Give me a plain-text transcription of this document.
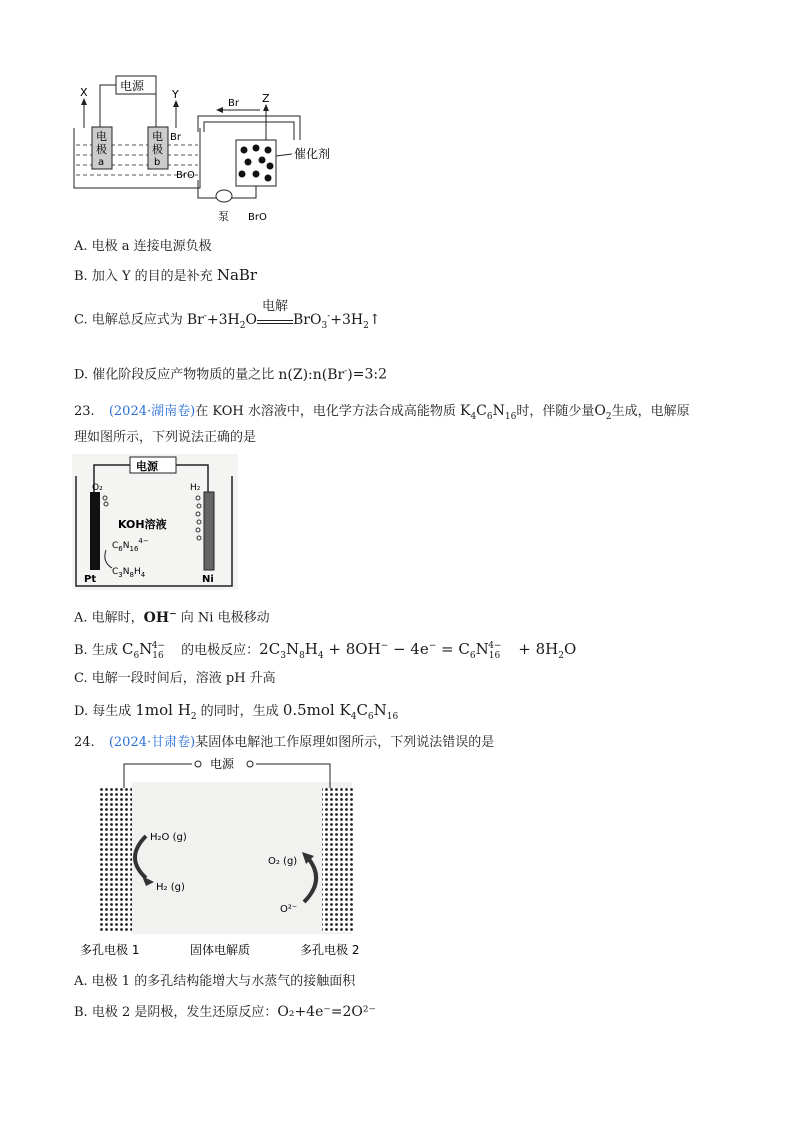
电源
电
极
a
电
极
b
X	Y
Br
BrO
Br Z
催化剂
泵 BrO
A. 电极 a 连接电源负极
B. 加入 Y 的目的是补充 NaBr
C. 电解总反应式为 $Br^-+3H_2O$
电解
$BrO_3^-+3H_2↑$
D. 催化阶段反应产物物质的量之比 n(Z):n(Br-)=3:2
23. (2024·湖南卷)在 KOH 水溶液中，电化学方法合成高能物质 $K_4C_6N_{16}$时，伴随少量$O_2$生成，电解原
理如图所示，下列说法正确的是
电源
O₂	H₂
KOH溶液
$C_6N_{16}^{4-}$
$C_3N_8H_4$
Pt	Ni
A. 电解时，OH− 向 Ni 电极移动
B. 生成 $C_6N_{16}^{4-}$ 的电极反应：$2C_3N_8H_4 + 8OH^- - 4e^- = C_6N_{16}^{4-} + 8H_2O$
C. 电解一段时间后，溶液 pH 升高
D. 每生成 1mol $H_2$ 的同时，生成 0.5mol $K_4C_6N_{16}$
24. (2024·甘肃卷)某固体电解池工作原理如图所示，下列说法错误的是
电源
H₂O (g)
H₂ (g)
O₂ (g)
O²⁻
多孔电极 1	固体电解质	多孔电极 2
A. 电极 1 的多孔结构能增大与水蒸气的接触面积
B. 电极 2 是阴极，发生还原反应：O₂+4e⁻=2O²⁻
